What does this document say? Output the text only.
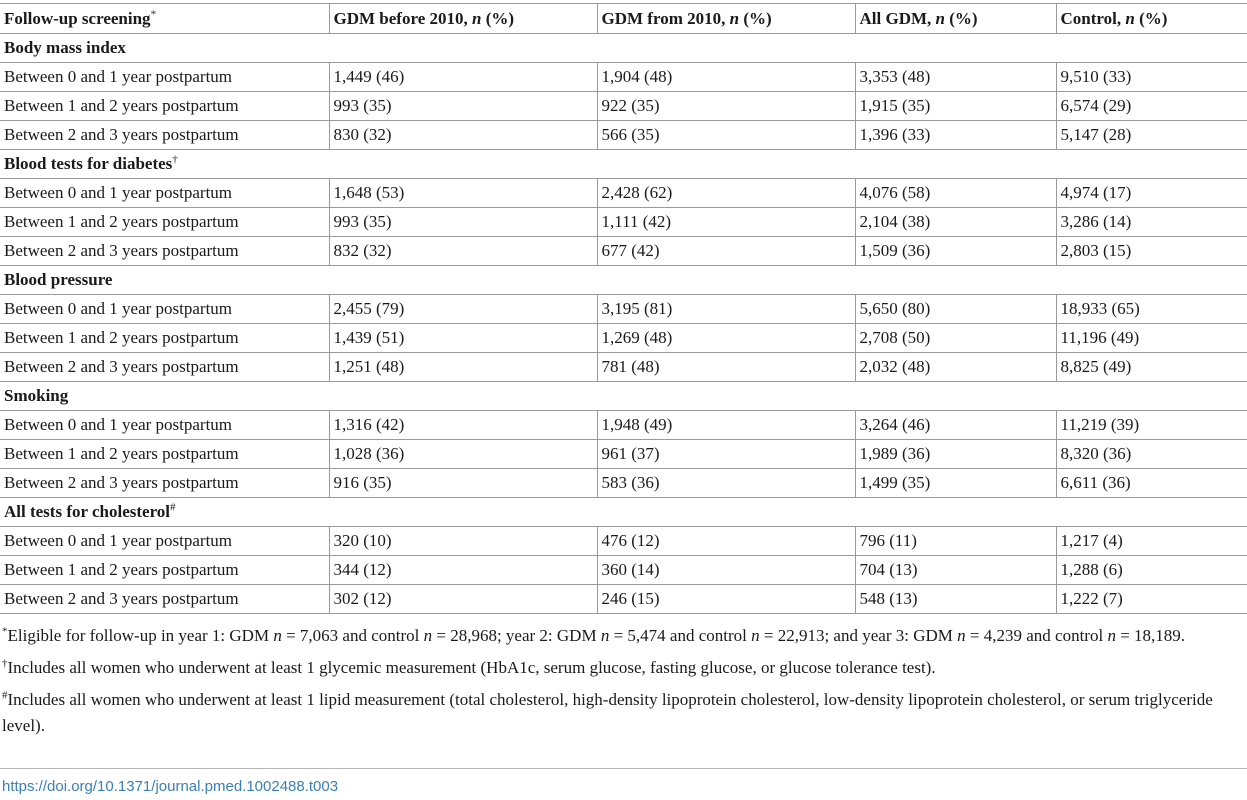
Follow-up screening*	GDM before 2010, n (%)	GDM from 2010, n (%)	All GDM, n (%)	Control, n (%)
Body mass index				
Between 0 and 1 year postpartum	1,449 (46)	1,904 (48)	3,353 (48)	9,510 (33)
Between 1 and 2 years postpartum	993 (35)	922 (35)	1,915 (35)	6,574 (29)
Between 2 and 3 years postpartum	830 (32)	566 (35)	1,396 (33)	5,147 (28)
Blood tests for diabetes†
Between 0 and 1 year postpartum	1,648 (53)	2,428 (62)	4,076 (58)	4,974 (17)
Between 1 and 2 years postpartum	993 (35)	1,111 (42)	2,104 (38)	3,286 (14)
Between 2 and 3 years postpartum	832 (32)	677 (42)	1,509 (36)	2,803 (15)
Blood pressure				
Between 0 and 1 year postpartum	2,455 (79)	3,195 (81)	5,650 (80)	18,933 (65)
Between 1 and 2 years postpartum	1,439 (51)	1,269 (48)	2,708 (50)	11,196 (49)
Between 2 and 3 years postpartum	1,251 (48)	781 (48)	2,032 (48)	8,825 (49)
Smoking				
Between 0 and 1 year postpartum	1,316 (42)	1,948 (49)	3,264 (46)	11,219 (39)
Between 1 and 2 years postpartum	1,028 (36)	961 (37)	1,989 (36)	8,320 (36)
Between 2 and 3 years postpartum	916 (35)	583 (36)	1,499 (35)	6,611 (36)
All tests for cholesterol#
Between 0 and 1 year postpartum	320 (10)	476 (12)	796 (11)	1,217 (4)
Between 1 and 2 years postpartum	344 (12)	360 (14)	704 (13)	1,288 (6)
Between 2 and 3 years postpartum	302 (12)	246 (15)	548 (13)	1,222 (7)

*Eligible for follow-up in year 1: GDM n = 7,063 and control n = 28,968; year 2: GDM n = 5,474 and control n = 22,913; and year 3: GDM n = 4,239 and control n = 18,189.

†Includes all women who underwent at least 1 glycemic measurement (HbA1c, serum glucose, fasting glucose, or glucose tolerance test).

#Includes all women who underwent at least 1 lipid measurement (total cholesterol, high-density lipoprotein cholesterol, low-density lipoprotein cholesterol, or serum triglyceride level).

https://doi.org/10.1371/journal.pmed.1002488.t003
